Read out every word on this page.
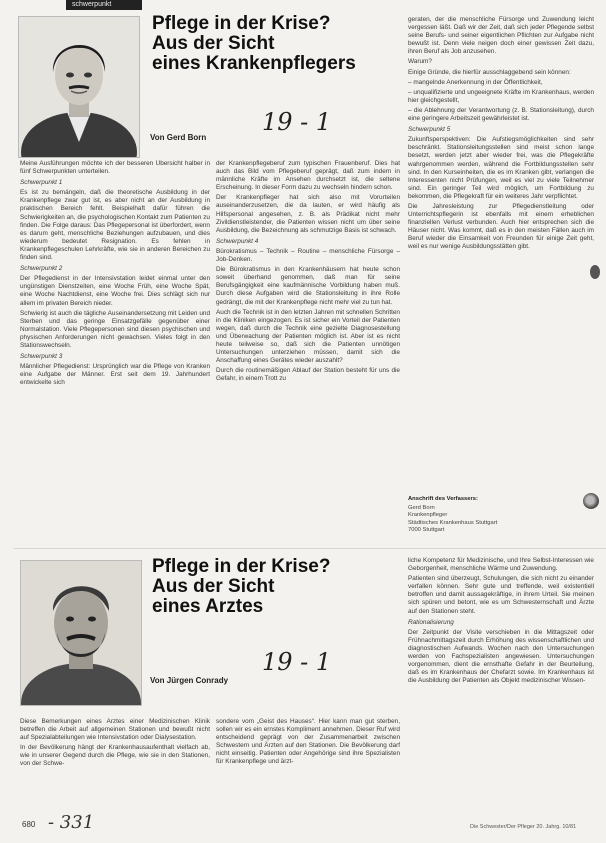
schwerpunkt
Pflege in der Krise?
Aus der Sicht
eines Krankenpflegers
19 - 1
Von Gerd Born

Meine Ausführungen möchte ich der besseren Übersicht halber in fünf Schwerpunkten unterteilen.

Schwerpunkt 1

Es ist zu bemängeln, daß die theoretische Ausbildung in der Krankenpflege zwar gut ist, es aber nicht an der Ausbildung in praktischen Bereich fehlt. Beispielhaft dafür führen die Schwierigkeiten an, die psychologischen Kontakt zum Patienten zu finden. Die Folge daraus: Das Pflegepersonal ist überfordert, wenn es darum geht, menschliche Beziehungen aufzubauen, und dies wiederum bedeutet Resignation. Es fehlen in Krankenpflegeschulen Lehrkräfte, wie sie in anderen Bereichen zu finden sind.

Schwerpunkt 2

Der Pflegedienst in der Intensivstation leidet einmal unter den ungünstigen Dienstzeiten, eine Woche Früh, eine Woche Spät, eine Woche Nachtdienst, eine Woche frei. Dies schlägt sich nur allem im privaten Bereich nieder.

Schwierig ist auch die tägliche Auseinandersetzung mit Leiden und Sterben und das geringe Einsatzgefälle gegenüber einer Normalstation. Viele Pflegepersonen sind diesen psychischen und physischen Anforderungen nicht gewachsen. Vieles folgt in den Stationswechseln.

Schwerpunkt 3

Männlicher Pflegedienst: Ursprünglich war die Pflege von Kranken eine Aufgabe der Männer. Erst seit dem 19. Jahrhundert entwickelte sich

der Krankenpflegeberuf zum typischen Frauenberuf. Dies hat auch das Bild vom Pflegeberuf geprägt, daß zum indem in männliche Kräfte im Ansehen durchsetzt ist, die seltene Erscheinung. In dieser Form dazu zu wechseln hindern schon.

Der Krankenpfleger hat sich also mit Vorurteilen auseinanderzusetzen, die da lauten, er wird häufig als Hilfspersonal angesehen, z. B. als Prädikat nicht mehr Zivildienstleistender, die Patienten wissen nicht um über seine Ausbildung, die Bezeichnung als schmutzige Basis ist schwach.

Schwerpunkt 4

Bürokratismus – Technik – Routine – menschliche Fürsorge – Job-Denken.

Die Bürokratismus in den Krankenhäusern hat heute schon soweit überhand genommen, daß man für seine Berufsgängigkeit eine kaufmännische Vorbildung haben muß. Durch diese Aufgaben wird die Stationsleitung in ihre Rolle gedrängt, die mit der Krankenpflege nicht mehr viel zu tun hat.

Auch die Technik ist in den letzten Jahren mit schnellen Schritten in die Kliniken eingezogen. Es ist sicher ein Vorteil der Patienten wegen, daß durch die Technik eine gezielte Diagnosestellung und Überwachung der Patienten möglich ist. Aber ist es nicht heute teilweise so, daß sich die Patienten unnötigen Untersuchungen unterziehen müssen, damit sich die Anschaffung eines Gerätes wieder auszahlt?

Durch die routinemäßigen Ablauf der Station besteht für uns die Gefahr, in einem Trott zu

geraten, der die menschliche Fürsorge und Zuwendung leicht vergessen läßt. Daß wir der Zeit, daß sich jeder Pflegende selbst seine Berufs- und seiner eigentlichen Pflichten zur Aufgabe nicht bewußt ist. Denn viele neigen doch einer gewissen Zeit dazu, ihren Beruf als Job anzusehen.

Warum?

Einige Gründe, die hierfür ausschlaggebend sein können:

– mangelnde Anerkennung in der Öffentlichkeit,

– unqualifizierte und ungeeignete Kräfte im Krankenhaus, werden hier gleichgestellt,

– die Ablehnung der Verantwortung (z. B. Stationsleitung), durch eine geringere Arbeitszeit gewährleistet ist.

Schwerpunkt 5

Zukunftsperspektiven: Die Aufstiegsmöglichkeiten sind sehr beschränkt. Stationsleitungsstellen sind meist schon lange besetzt, werden jetzt aber wieder frei, was die Pflegekräfte wahrgenommen werden, während die Fortbildungsstellen sehr sind. In den Kurseinheiten, die es im Kranken gibt, verlangen die Interessenten nicht Prüfungen, weil es viel zu viele Teilnehmer sind. Ein geringer Teil wird möglich, um Fortbildung zu bekommen, die Pflegekraft für ein weiteres Jahr verpflichtet.

Die Jahresleistung zur Pflegedienstleitung oder Unterrichtspflegerin ist ebenfalls mit einem erheblichen finanziellen Verlust verbunden. Auch hier entsprechen sich die Häuser nicht. Was kommt, daß es in den meisten Fällen auch im Beruf wieder die Einsamkeit von Freunden für einige Zeit geht, weil es nur wenige Ausbildungsstätten gibt.

Anschrift des Verfassers:
Gerd Born
Krankenpfleger
Städtisches Krankenhaus Stuttgart
7000 Stuttgart
Pflege in der Krise?
Aus der Sicht
eines Arztes
19 - 1
Von Jürgen Conrady

liche Kompetenz für Medizinische, und Ihre Selbst-Interessen wie Geborgenheit, menschliche Wärme und Zuwendung.

Patienten sind überzeugt, Schulungen, die sich nicht zu einander verfallen können. Sehr gute und treffende, weil existentiell betroffen und damit aussagekräftige, in ihrem Urteil. Sie meinen sich spüren und betont, wie es um Schwesternschaft und Ärzte auf den Stationen steht.

Rationalisierung

Der Zeitpunkt der Visite verschieben in die Mittagszeit oder Frühnachmittagszeit durch Erhöhung des wissenschaftlichen und diagnostischen Aufwands. Wochen nach den Untersuchungen werden von Fachspezialisten angewiesen. Untersuchungen vorgenommen, dient die ernsthafte Gefahr in der Beurteilung, daß es im Krankenhaus der Chefarzt sowie. Im Krankenhaus ist die Ausbildung der Patienten als Objekt medizinischer Wissen-

Diese Bemerkungen eines Arztes einer Medizinischen Klinik betreffen die Arbeit auf allgemeinen Stationen und bewußt nicht auf Spezialabteilungen wie Intensivstation oder Dialysestation.

In der Bevölkerung hängt der Krankenhausaufenthalt vielfach ab, wie in unserer Gegend durch die Pflege, wie sie in den Stationen, von der Schwe-

sondere vom „Geist des Hauses“. Hier kann man gut sterben, sollen wir es ein ernstes Kompliment annehmen. Dieser Ruf wird entscheidend geprägt von der Zusammenarbeit zwischen Schwestern und Ärzten auf den Stationen. Die Bevölkerung darf nicht einseitig. Patienten oder Angehörige sind ihre Spezialisten für Krankenpflege und ärzt-

680 - 331	Die Schwester/Der Pfleger 20. Jahrg. 10/81
